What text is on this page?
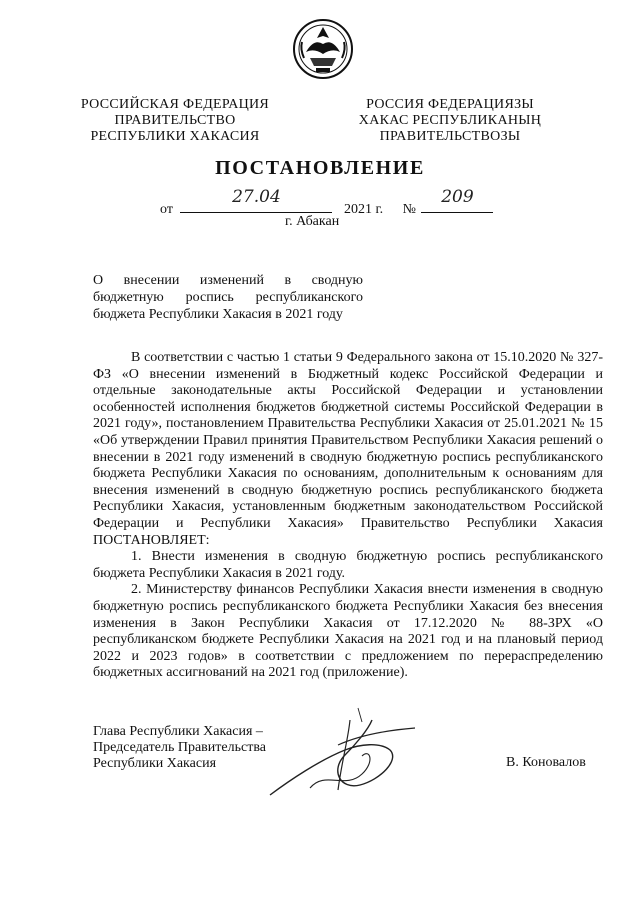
РОССИЙСКАЯ ФЕДЕРАЦИЯ
ПРАВИТЕЛЬСТВО
РЕСПУБЛИКИ ХАКАСИЯ
РОССИЯ ФЕДЕРАЦИЯЗЫ
ХАКАС РЕСПУБЛИКАНЫҢ
ПРАВИТЕЛЬСТВОЗЫ
ПОСТАНОВЛЕНИЕ
от
27.04
2021 г. №
209
г. Абакан
О внесении изменений в сводную бюджетную роспись республиканского бюджета Республики Хакасия в 2021 году

В соответствии с частью 1 статьи 9 Федерального закона от 15.10.2020 № 327-ФЗ «О внесении изменений в Бюджетный кодекс Российской Федерации и отдельные законодательные акты Российской Федерации и установлении особенностей исполнения бюджетов бюджетной системы Российской Федерации в 2021 году», постановлением Правительства Республики Хакасия от 25.01.2021 № 15 «Об утверждении Правил принятия Правительством Республики Хакасия решений о внесении в 2021 году изменений в сводную бюджетную роспись республиканского бюджета Республики Хакасия по основаниям, дополнительным к основаниям для внесения изменений в сводную бюджетную роспись республиканского бюджета Республики Хакасия, установленным бюджетным законодательством Российской Федерации и Республики Хакасия» Правительство Республики Хакасия ПОСТАНОВЛЯЕТ:

1. Внести изменения в сводную бюджетную роспись республиканского бюджета Республики Хакасия в 2021 году.

2. Министерству финансов Республики Хакасия внести изменения в сводную бюджетную роспись республиканского бюджета Республики Хакасия без внесения изменения в Закон Республики Хакасия от 17.12.2020 № 88-ЗРХ «О республиканском бюджете Республики Хакасия на 2021 год и на плановый период 2022 и 2023 годов» в соответствии с предложением по перераспределению бюджетных ассигнований на 2021 год (приложение).

Глава Республики Хакасия –
Председатель Правительства
Республики Хакасия	В. Коновалов
